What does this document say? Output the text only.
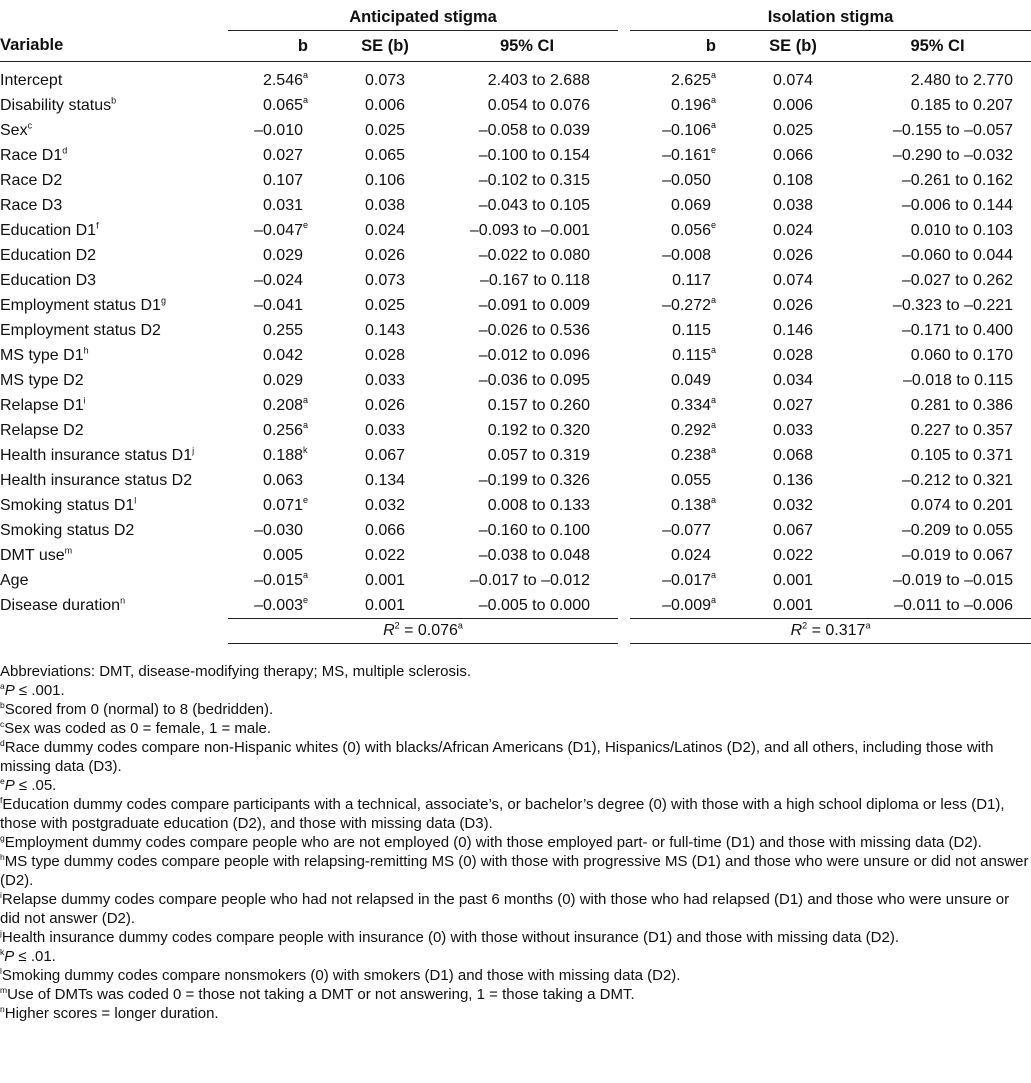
	Anticipated stigma				Isolation stigma		
Variable	b	SE (b)	95% CI		b	SE (b)	95% CI
Intercept	2.546$^a$	0.073	2.403 to 2.688		2.625$^a$	0.074	2.480 to 2.770
Disability status$^b$	0.065$^a$	0.006	0.054 to 0.076		0.196$^a$	0.006	0.185 to 0.207
Sex$^c$	–0.010	0.025	–0.058 to 0.039		–0.106$^a$	0.025	–0.155 to –0.057
Race D1$^d$	0.027	0.065	–0.100 to 0.154		–0.161e	0.066	–0.290 to –0.032
Race D2	0.107	0.106	–0.102 to 0.315		–0.050	0.108	–0.261 to 0.162
Race D3	0.031	0.038	–0.043 to 0.105		0.069	0.038	–0.006 to 0.144
Education D1$^f$	–0.047e	0.024	–0.093 to –0.001		0.056e	0.024	0.010 to 0.103
Education D2	0.029	0.026	–0.022 to 0.080		–0.008	0.026	–0.060 to 0.044
Education D3	–0.024	0.073	–0.167 to 0.118		0.117	0.074	–0.027 to 0.262
Employment status D1$^g$	–0.041	0.025	–0.091 to 0.009		–0.272$^a$	0.026	–0.323 to –0.221
Employment status D2	0.255	0.143	–0.026 to 0.536		0.115	0.146	–0.171 to 0.400
MS type D1$^h$	0.042	0.028	–0.012 to 0.096		0.115$^a$	0.028	0.060 to 0.170
MS type D2	0.029	0.033	–0.036 to 0.095		0.049	0.034	–0.018 to 0.115
Relapse D1$^i$	0.208$^a$	0.026	0.157 to 0.260		0.334$^a$	0.027	0.281 to 0.386
Relapse D2	0.256$^a$	0.033	0.192 to 0.320		0.292$^a$	0.033	0.227 to 0.357
Health insurance status D1$^j$	0.188$^k$	0.067	0.057 to 0.319		0.238$^a$	0.068	0.105 to 0.371
Health insurance status D2	0.063	0.134	–0.199 to 0.326		0.055	0.136	–0.212 to 0.321
Smoking status D1$^l$	0.071e	0.032	0.008 to 0.133		0.138$^a$	0.032	0.074 to 0.201
Smoking status D2	–0.030	0.066	–0.160 to 0.100		–0.077	0.067	–0.209 to 0.055
DMT use$^m$	0.005	0.022	–0.038 to 0.048		0.024	0.022	–0.019 to 0.067
Age	–0.015$^a$	0.001	–0.017 to –0.012		–0.017$^a$	0.001	–0.019 to –0.015
Disease duration$^n$	–0.003e	0.001	–0.005 to 0.000		–0.009$^a$	0.001	–0.011 to –0.006
	$R^2 = 0.076^a$				$R^2 = 0.317^a$

Abbreviations: DMT, disease-modifying therapy; MS, multiple sclerosis.

$^a$P ≤ .001.

$^b$Scored from 0 (normal) to 8 (bedridden).

$^c$Sex was coded as 0 = female, 1 = male.

$^d$Race dummy codes compare non-Hispanic whites (0) with blacks/African Americans (D1), Hispanics/Latinos (D2), and all others, including those with missing data (D3).

$^e$P ≤ .05.

$^f$Education dummy codes compare participants with a technical, associate’s, or bachelor’s degree (0) with those with a high school diploma or less (D1), those with postgraduate education (D2), and those with missing data (D3).

$^g$Employment dummy codes compare people who are not employed (0) with those employed part- or full-time (D1) and those with missing data (D2).

$^h$MS type dummy codes compare people with relapsing-remitting MS (0) with those with progressive MS (D1) and those who were unsure or did not answer (D2).

$^i$Relapse dummy codes compare people who had not relapsed in the past 6 months (0) with those who had relapsed (D1) and those who were unsure or did not answer (D2).

$^j$Health insurance dummy codes compare people with insurance (0) with those without insurance (D1) and those with missing data (D2).

$^k$P ≤ .01.

$^l$Smoking dummy codes compare nonsmokers (0) with smokers (D1) and those with missing data (D2).

$^m$Use of DMTs was coded 0 = those not taking a DMT or not answering, 1 = those taking a DMT.

$^n$Higher scores = longer duration.
